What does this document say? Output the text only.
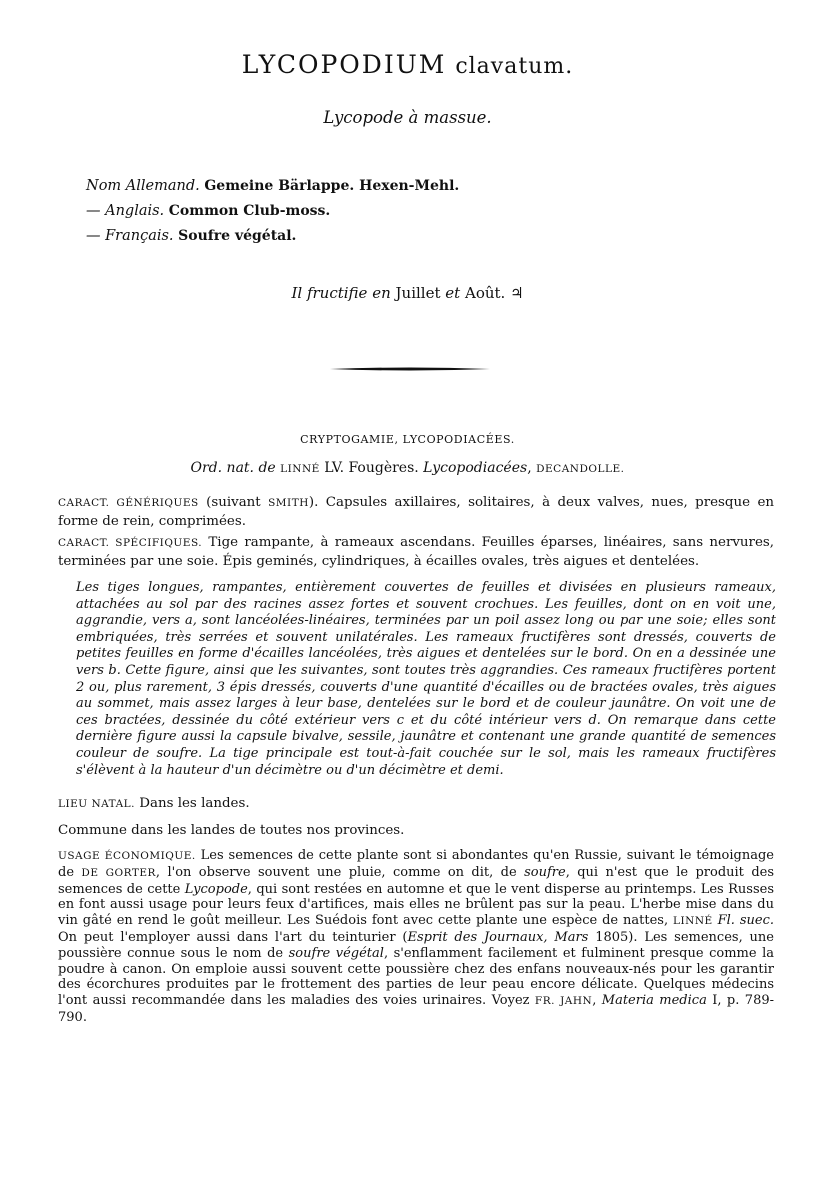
LYCOPODIUM clavatum.
Lycopode à massue.
Nom Allemand. Gemeine Bärlappe. Hexen-Mehl.
— Anglais. Common Club-moss.
— Français. Soufre végétal.
Il fructifie en Juillet et Août. ♃
CRYPTOGAMIE, LYCOPODIACÉES.
Ord. nat. de LINNÉ LV. Fougères. Lycopodiacées, DECANDOLLE.
CARACT. GÉNÉRIQUES (suivant SMITH). Capsules axillaires, solitaires, à deux valves, nues, presque en forme de rein, comprimées.
CARACT. SPÉCIFIQUES. Tige rampante, à rameaux ascendans. Feuilles éparses, linéaires, sans nervures, terminées par une soie. Épis geminés, cylindriques, à écailles ovales, très aigues et dentelées.
Les tiges longues, rampantes, entièrement couvertes de feuilles et divisées en plusieurs rameaux, attachées au sol par des racines assez fortes et souvent crochues. Les feuilles, dont on en voit une, aggrandie, vers a, sont lancéolées-linéaires, terminées par un poil assez long ou par une soie; elles sont embriquées, très serrées et souvent unilatérales. Les rameaux fructifères sont dressés, couverts de petites feuilles en forme d'écailles lancéolées, très aigues et dentelées sur le bord. On en a dessinée une vers b. Cette figure, ainsi que les suivantes, sont toutes très aggrandies. Ces rameaux fructifères portent 2 ou, plus rarement, 3 épis dressés, couverts d'une quantité d'écailles ou de bractées ovales, très aigues au sommet, mais assez larges à leur base, dentelées sur le bord et de couleur jaunâtre. On voit une de ces bractées, dessinée du côté extérieur vers c et du côté intérieur vers d. On remarque dans cette dernière figure aussi la capsule bivalve, sessile, jaunâtre et contenant une grande quantité de semences couleur de soufre. La tige principale est tout-à-fait couchée sur le sol, mais les rameaux fructifères s'élèvent à la hauteur d'un décimètre ou d'un décimètre et demi.
LIEU NATAL. Dans les landes.
Commune dans les landes de toutes nos provinces.
USAGE ÉCONOMIQUE. Les semences de cette plante sont si abondantes qu'en Russie, suivant le témoignage de DE GORTER, l'on observe souvent une pluie, comme on dit, de soufre, qui n'est que le produit des semences de cette Lycopode, qui sont restées en automne et que le vent disperse au printemps. Les Russes en font aussi usage pour leurs feux d'artifices, mais elles ne brûlent pas sur la peau. L'herbe mise dans du vin gâté en rend le goût meilleur. Les Suédois font avec cette plante une espèce de nattes, LINNÉ Fl. suec. On peut l'employer aussi dans l'art du teinturier (Esprit des Journaux, Mars 1805). Les semences, une poussière connue sous le nom de soufre végétal, s'enflamment facilement et fulminent presque comme la poudre à canon. On emploie aussi souvent cette poussière chez des enfans nouveaux-nés pour les garantir des écorchures produites par le frottement des parties de leur peau encore délicate. Quelques médecins l'ont aussi recommandée dans les maladies des voies urinaires. Voyez FR. JAHN, Materia medica I, p. 789-790.
